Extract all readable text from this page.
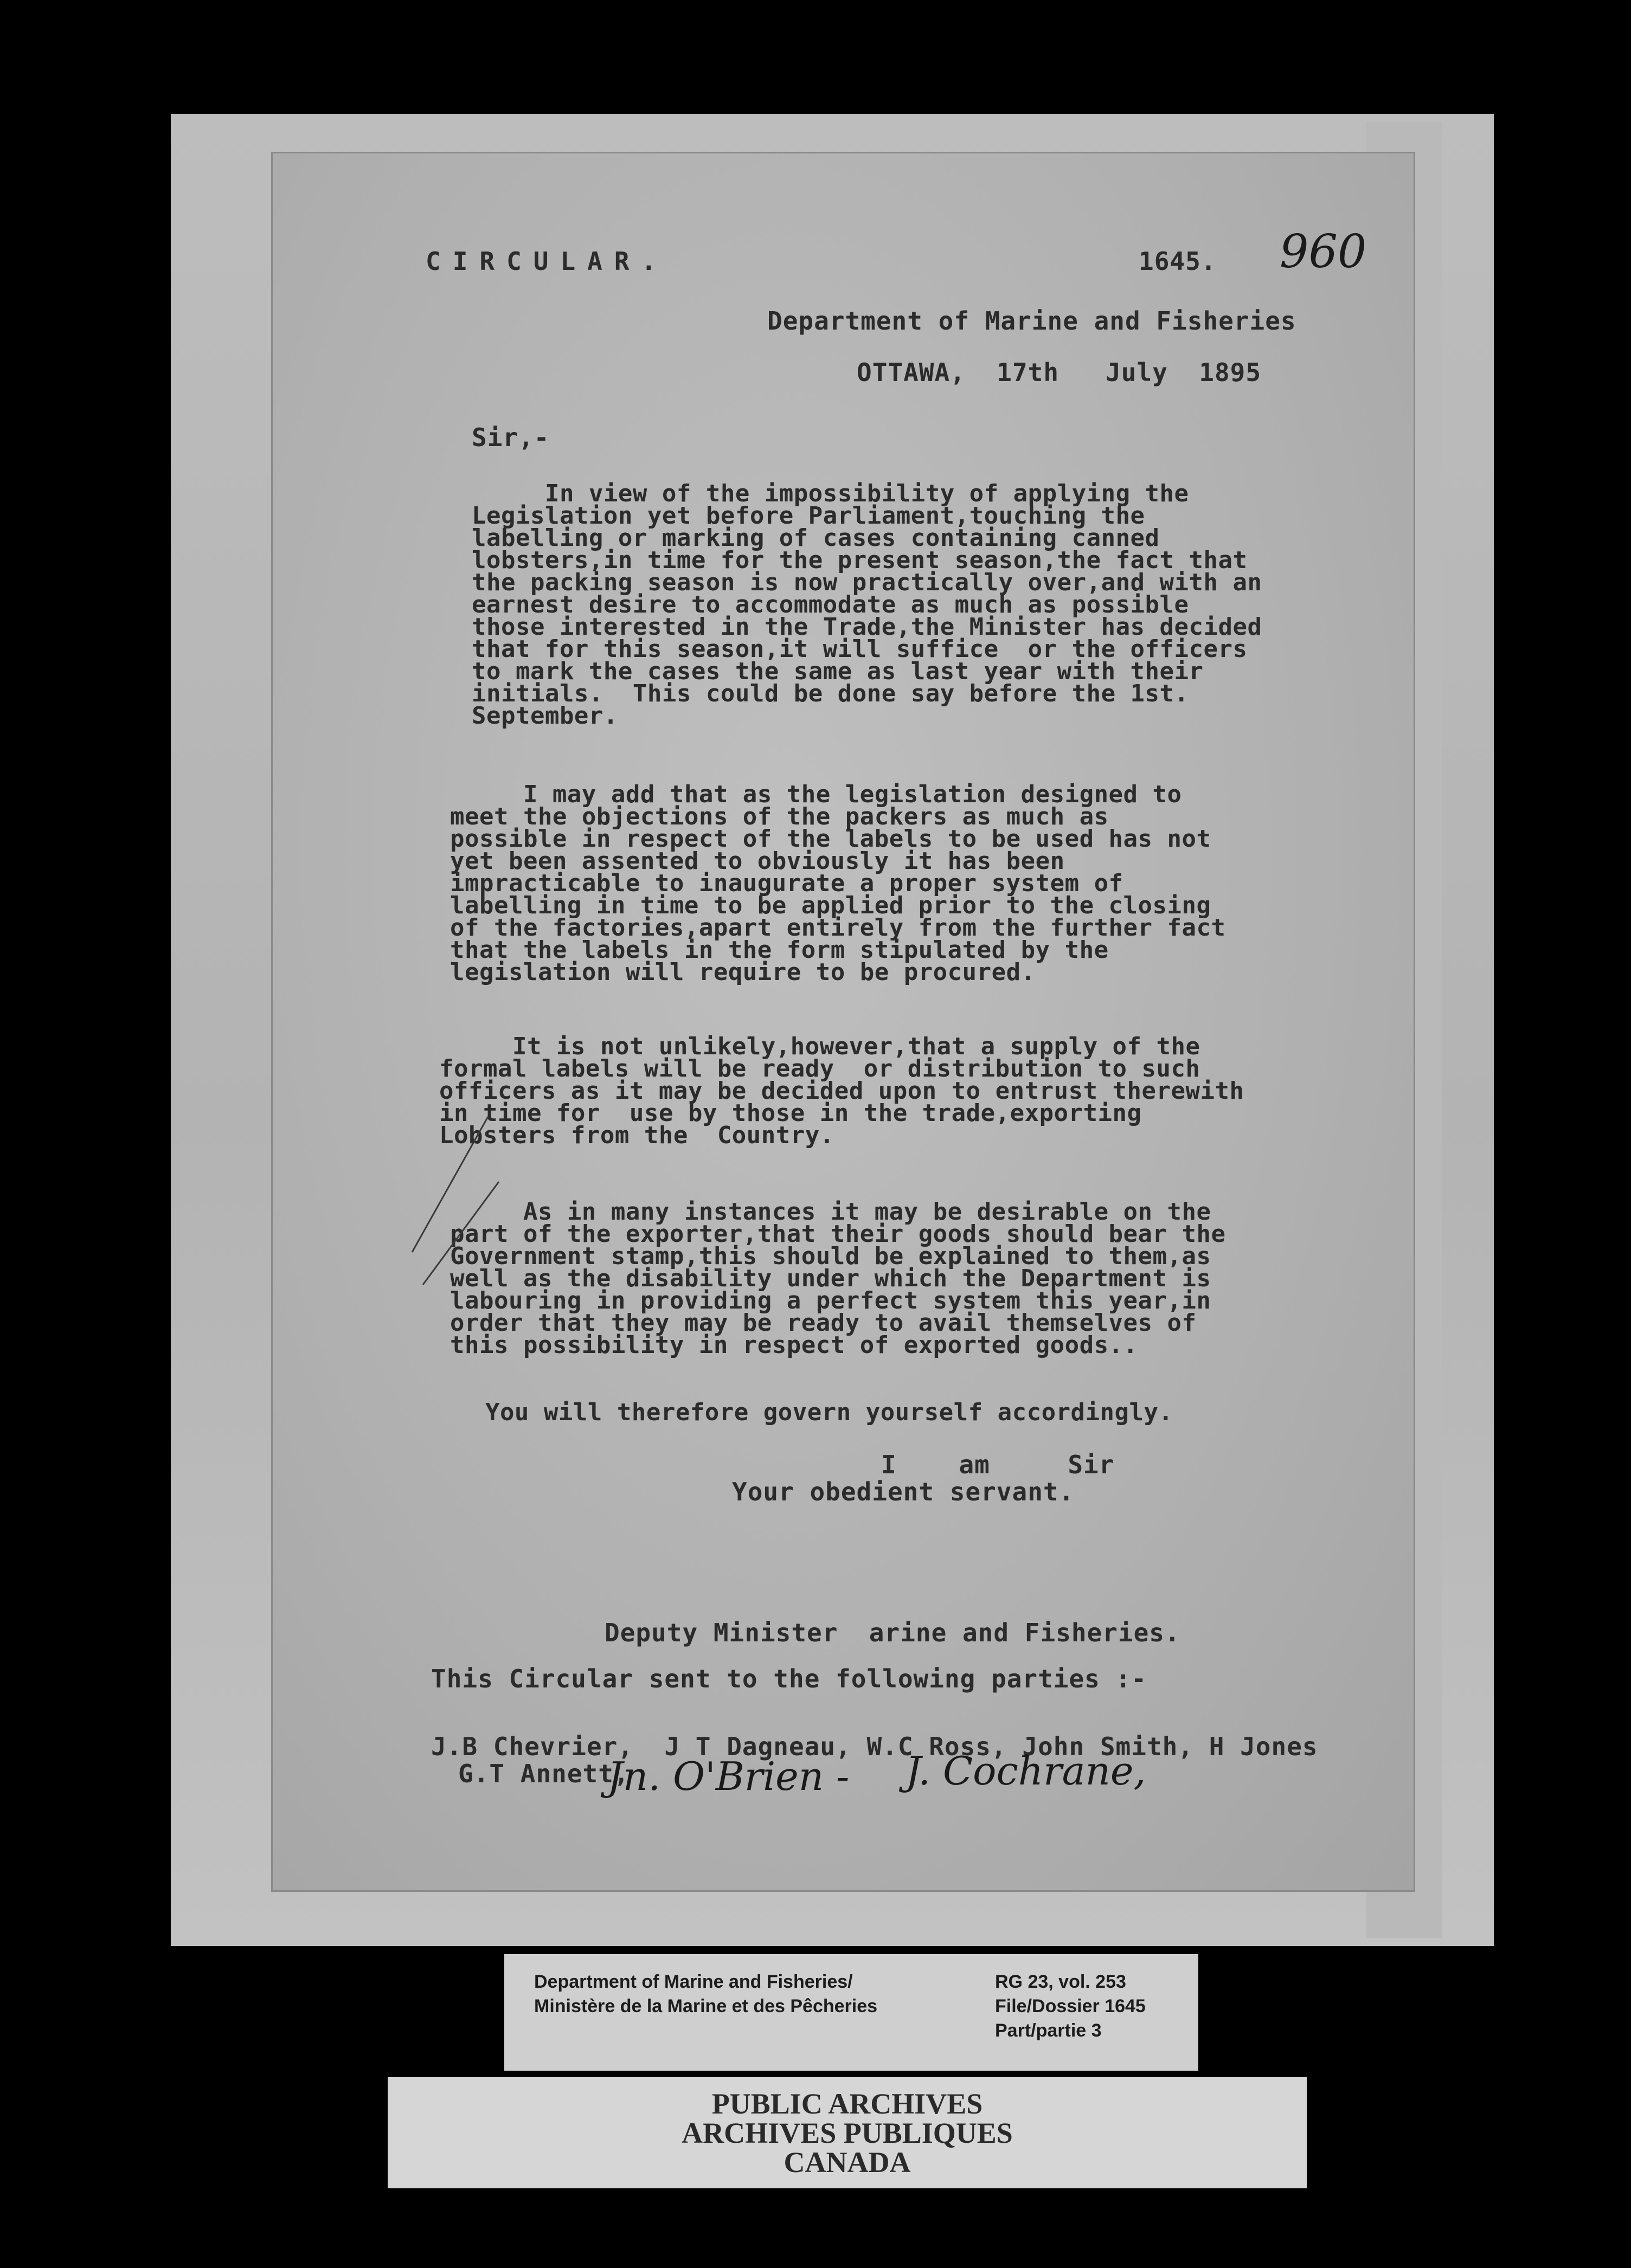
CIRCULAR.	1645. 960
Department of Marine and Fisheries
OTTAWA,  17th   July  1895
Sir,-
In view of the impossibility of applying the
Legislation yet before Parliament,touching the
labelling or marking of cases containing canned
lobsters,in time for the present season,the fact that
the packing season is now practically over,and with an
earnest desire to accommodate as much as possible
those interested in the Trade,the Minister has decided
that for this season,it will suffice  or the officers
to mark the cases the same as last year with their
initials.  This could be done say before the 1st.
September.
I may add that as the legislation designed to
meet the objections of the packers as much as
possible in respect of the labels to be used has not
yet been assented to obviously it has been
impracticable to inaugurate a proper system of
labelling in time to be applied prior to the closing
of the factories,apart entirely from the further fact
that the labels in the form stipulated by the
legislation will require to be procured.
It is not unlikely,however,that a supply of the
formal labels will be ready  or distribution to such
officers as it may be decided upon to entrust therewith
in time for  use by those in the trade,exporting
Lobsters from the  Country.
As in many instances it may be desirable on the
part of the exporter,that their goods should bear the
Government stamp,this should be explained to them,as
well as the disability under which the Department is
labouring in providing a perfect system this year,in
order that they may be ready to avail themselves of
this possibility in respect of exported goods..
You will therefore govern yourself accordingly.
I    am     Sir
Your obedient servant.
Deputy Minister  arine and Fisheries.
This Circular sent to the following parties :-
J.B Chevrier,  J T Dagneau, W.C Ross, John Smith, H Jones
G.T Annett,
Jn. O'Brien - J. Cochrane,
Department of Marine and Fisheries/
Ministère de la Marine et des Pêcheries
RG 23, vol. 253
File/Dossier 1645
Part/partie 3
PUBLIC ARCHIVES
ARCHIVES PUBLIQUES
CANADA
